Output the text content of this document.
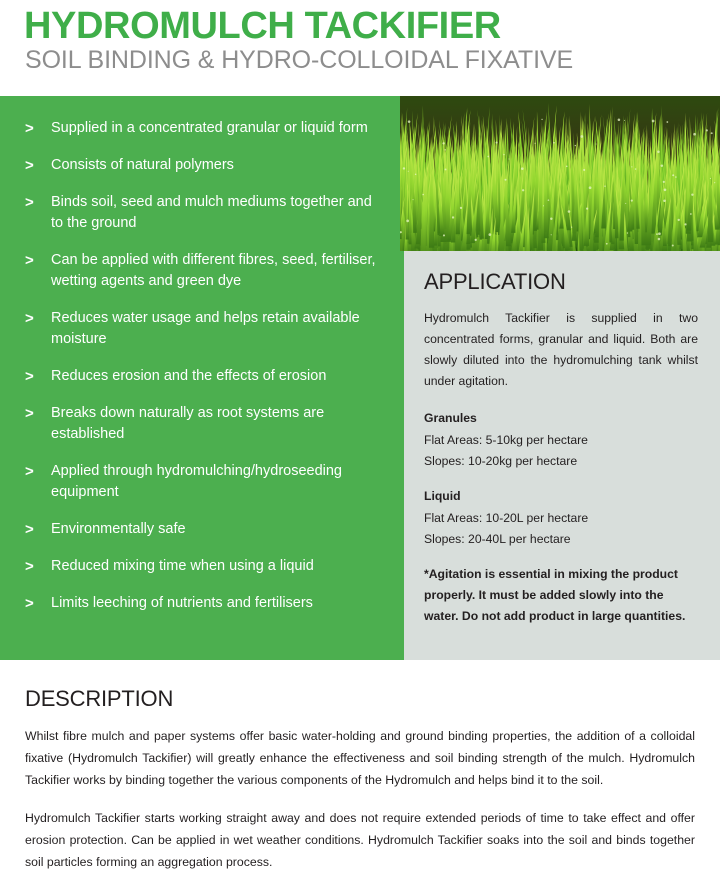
HYDROMULCH TACKIFIER
SOIL BINDING & HYDRO-COLLOIDAL FIXATIVE
>	Supplied in a concentrated granular or liquid form
>	Consists of natural polymers
>	Binds soil, seed and mulch mediums together and to the ground
>	Can be applied with different fibres, seed, fertiliser, wetting agents and green dye
>	Reduces water usage and helps retain available moisture
>	Reduces erosion and the effects of erosion
>	Breaks down naturally as root systems are established
>	Applied through hydromulching/hydroseeding equipment
>	Environmentally safe
>	Reduced mixing time when using a liquid
>	Limits leeching of nutrients and fertilisers
APPLICATION

Hydromulch Tackifier is supplied in two concentrated forms, granular and liquid. Both are slowly diluted into the hydromulching tank whilst under agitation.

Granules

Flat Areas: 5-10kg per hectare

Slopes: 10-20kg per hectare

Liquid

Flat Areas: 10-20L per hectare

Slopes: 20-40L per hectare

*Agitation is essential in mixing the product properly. It must be added slowly into the water. Do not add product in large quantities.

DESCRIPTION

Whilst fibre mulch and paper systems offer basic water-holding and ground binding properties, the addition of a colloidal fixative (Hydromulch Tackifier) will greatly enhance the effectiveness and soil binding strength of the mulch. Hydromulch Tackifier works by binding together the various components of the Hydromulch and helps bind it to the soil.

Hydromulch Tackifier starts working straight away and does not require extended periods of time to take effect and offer erosion protection. Can be applied in wet weather conditions. Hydromulch Tackifier soaks into the soil and binds together soil particles forming an aggregation process.
